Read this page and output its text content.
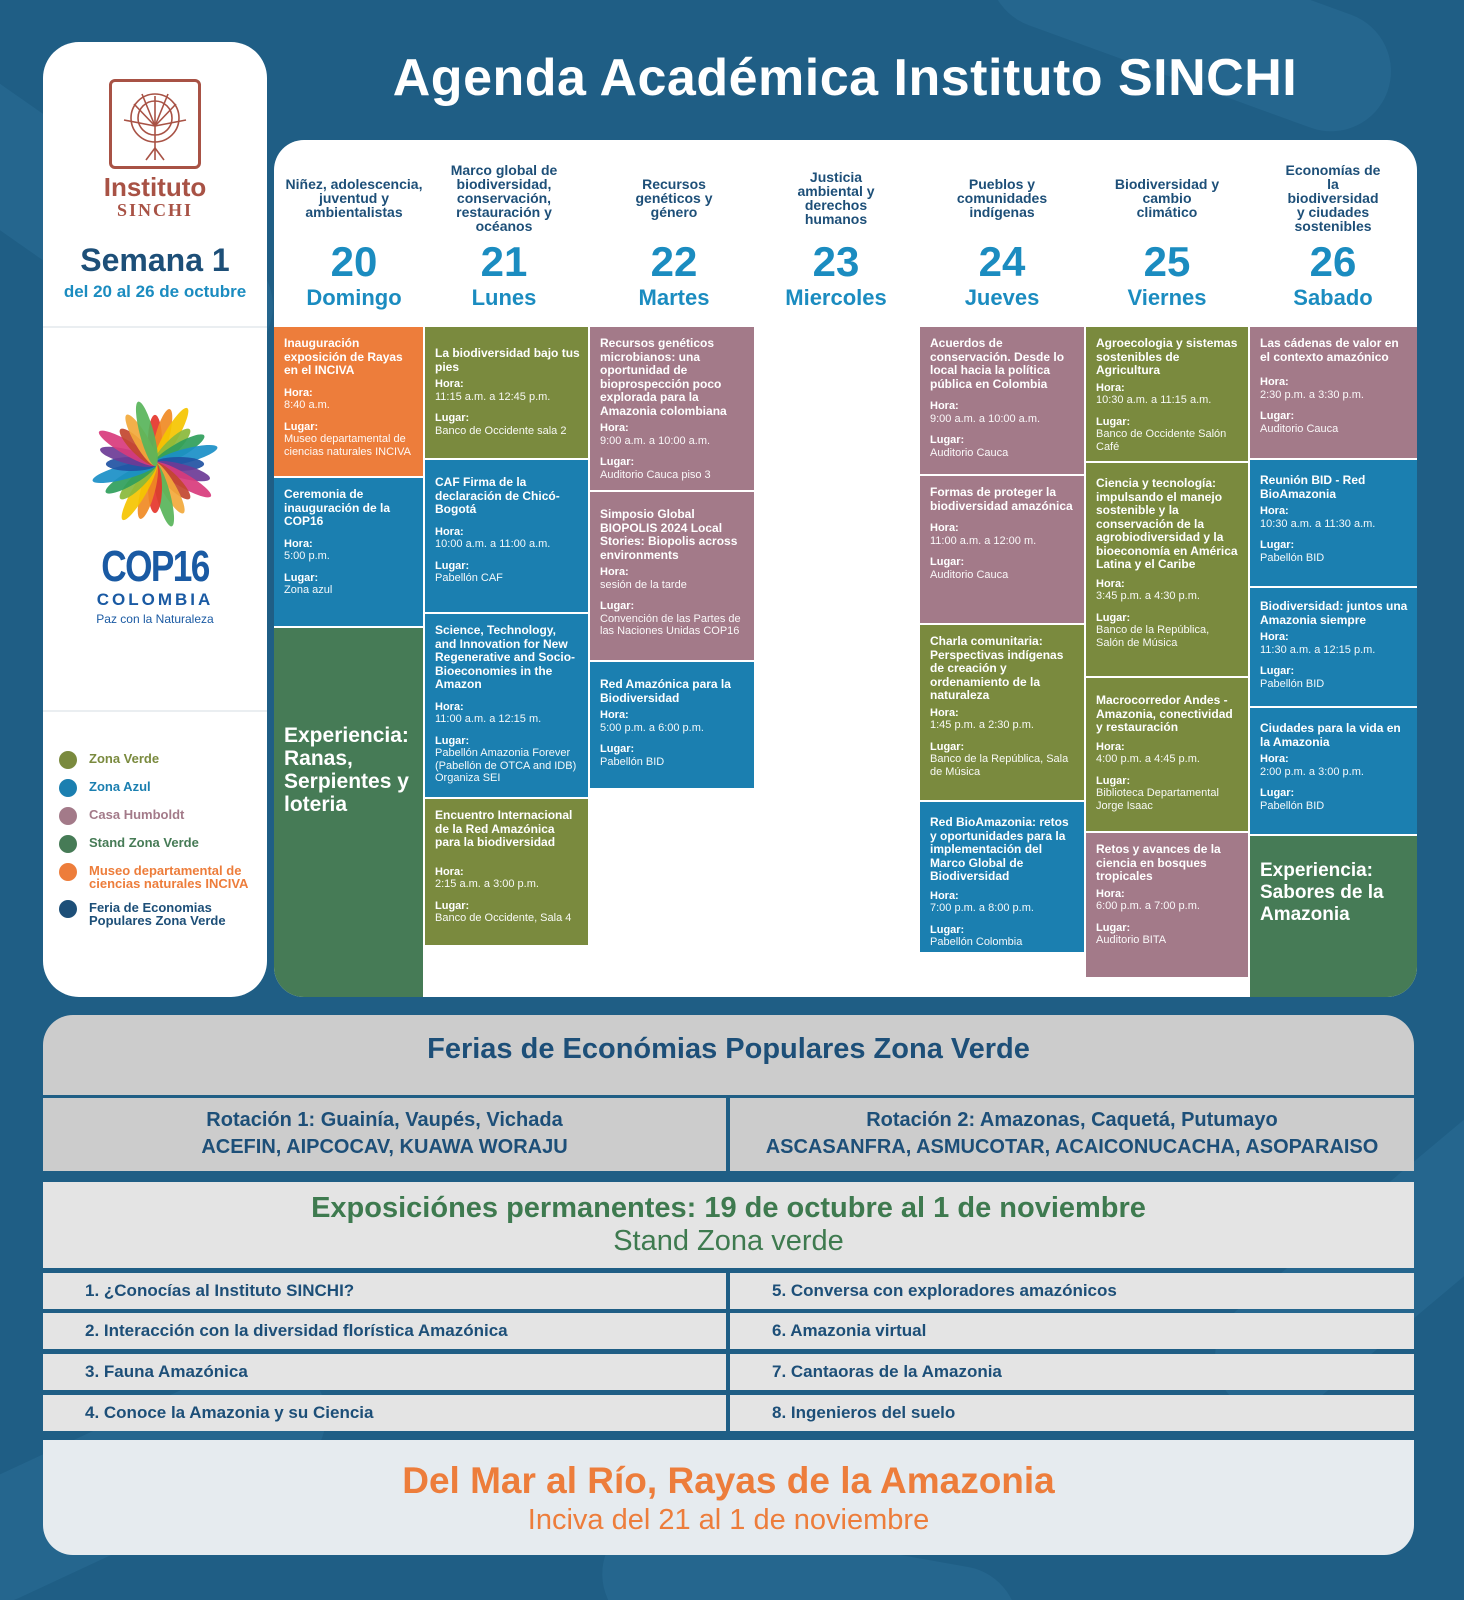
Agenda Académica Instituto SINCHI
Instituto
SINCHI
Semana 1
del 20 al 26 de octubre
COP16
COLOMBIA
Paz con la Naturaleza
Zona Verde
Zona Azul
Casa Humboldt
Stand Zona Verde
Museo departamental de ciencias naturales INCIVA
Feria de Economias Populares Zona Verde
Niñez, adolescencia, juventud y ambientalistas
20
Domingo
Marco global de biodiversidad, conservación, restauración y océanos
21
Lunes
Recursos genéticos y género
22
Martes
Justicia ambiental y derechos humanos
23
Miercoles
Pueblos y comunidades indígenas
24
Jueves
Biodiversidad y cambio climático
25
Viernes
Economías de la biodiversidad y ciudades sostenibles
26
Sabado
Inauguración exposición de Rayas en el INCIVA
Hora:
8:40 a.m.
Lugar:
Museo departamental de ciencias naturales INCIVA
Ceremonia de inauguración de la COP16
Hora:
5:00 p.m.
Lugar:
Zona azul
Experiencia: Ranas, Serpientes y loteria
La biodiversidad bajo tus pies
Hora:
11:15 a.m. a 12:45 p.m.
Lugar:
Banco de Occidente sala 2
CAF Firma de la declaración de Chicó-Bogotá
Hora:
10:00 a.m. a 11:00 a.m.
Lugar:
Pabellón CAF
Science, Technology, and Innovation for New Regenerative and Socio-Bioeconomies in the Amazon
Hora:
11:00 a.m. a 12:15 m.
Lugar:
Pabellón Amazonia Forever (Pabellón de OTCA and IDB) Organiza SEI
Encuentro Internacional de la Red Amazónica para la biodiversidad
Hora:
2:15 a.m. a 3:00 p.m.
Lugar:
Banco de Occidente, Sala 4
Recursos genéticos microbianos: una oportunidad de bioprospección poco explorada para la Amazonia colombiana
Hora:
9:00 a.m. a 10:00 a.m.
Lugar:
Auditorio Cauca piso 3
Simposio Global BIOPOLIS 2024 Local Stories: Biopolis across environments
Hora:
sesión de la tarde
Lugar:
Convención de las Partes de las Naciones Unidas COP16
Red Amazónica para la Biodiversidad
Hora:
5:00 p.m. a 6:00 p.m.
Lugar:
Pabellón BID
Acuerdos de conservación. Desde lo local hacia la política pública en Colombia
Hora:
9:00 a.m. a 10:00 a.m.
Lugar:
Auditorio Cauca
Formas de proteger la biodiversidad amazónica
Hora:
11:00 a.m. a 12:00 m.
Lugar:
Auditorio Cauca
Charla comunitaria: Perspectivas indígenas de creación y ordenamiento de la naturaleza
Hora:
1:45 p.m. a 2:30 p.m.
Lugar:
Banco de la República, Sala de Música
Red BioAmazonia: retos y oportunidades para la implementación del Marco Global de Biodiversidad
Hora:
7:00 p.m. a 8:00 p.m.
Lugar:
Pabellón Colombia
Agroecologia y sistemas sostenibles de Agricultura
Hora:
10:30 a.m. a 11:15 a.m.
Lugar:
Banco de Occidente Salón Café
Ciencia y tecnología: impulsando el manejo sostenible y la conservación de la agrobiodiversidad y la bioeconomía en América Latina y el Caribe
Hora:
3:45 p.m. a 4:30 p.m.
Lugar:
Banco de la República, Salón de Música
Macrocorredor Andes - Amazonia, conectividad y restauración
Hora:
4:00 p.m. a 4:45 p.m.
Lugar:
Biblioteca Departamental Jorge Isaac
Retos y avances de la ciencia en bosques tropicales
Hora:
6:00 p.m. a 7:00 p.m.
Lugar:
Auditorio BITA
Las cádenas de valor en el contexto amazónico
Hora:
2:30 p.m. a 3:30 p.m.
Lugar:
Auditorio Cauca
Reunión BID - Red BioAmazonia
Hora:
10:30 a.m. a 11:30 a.m.
Lugar:
Pabellón BID
Biodiversidad: juntos una Amazonia siempre
Hora:
11:30 a.m. a 12:15 p.m.
Lugar:
Pabellón BID
Ciudades para la vida en la Amazonia
Hora:
2:00 p.m. a 3:00 p.m.
Lugar:
Pabellón BID
Experiencia: Sabores de la Amazonia
Ferias de Económias Populares Zona Verde
Rotación 1: Guainía, Vaupés, Vichada
ACEFIN, AIPCOCAV, KUAWA WORAJU
Rotación 2: Amazonas, Caquetá, Putumayo
ASCASANFRA, ASMUCOTAR, ACAICONUCACHA, ASOPARAISO
Exposiciónes permanentes: 19 de octubre al 1 de noviembre
Stand Zona verde
1. ¿Conocías al Instituto SINCHI?
2. Interacción con la diversidad florística Amazónica
3. Fauna Amazónica
4. Conoce la Amazonia y su Ciencia
5. Conversa con exploradores amazónicos
6. Amazonia virtual
7. Cantaoras de la Amazonia
8. Ingenieros del suelo
Del Mar al Río, Rayas de la Amazonia
Inciva del 21 al 1 de noviembre
